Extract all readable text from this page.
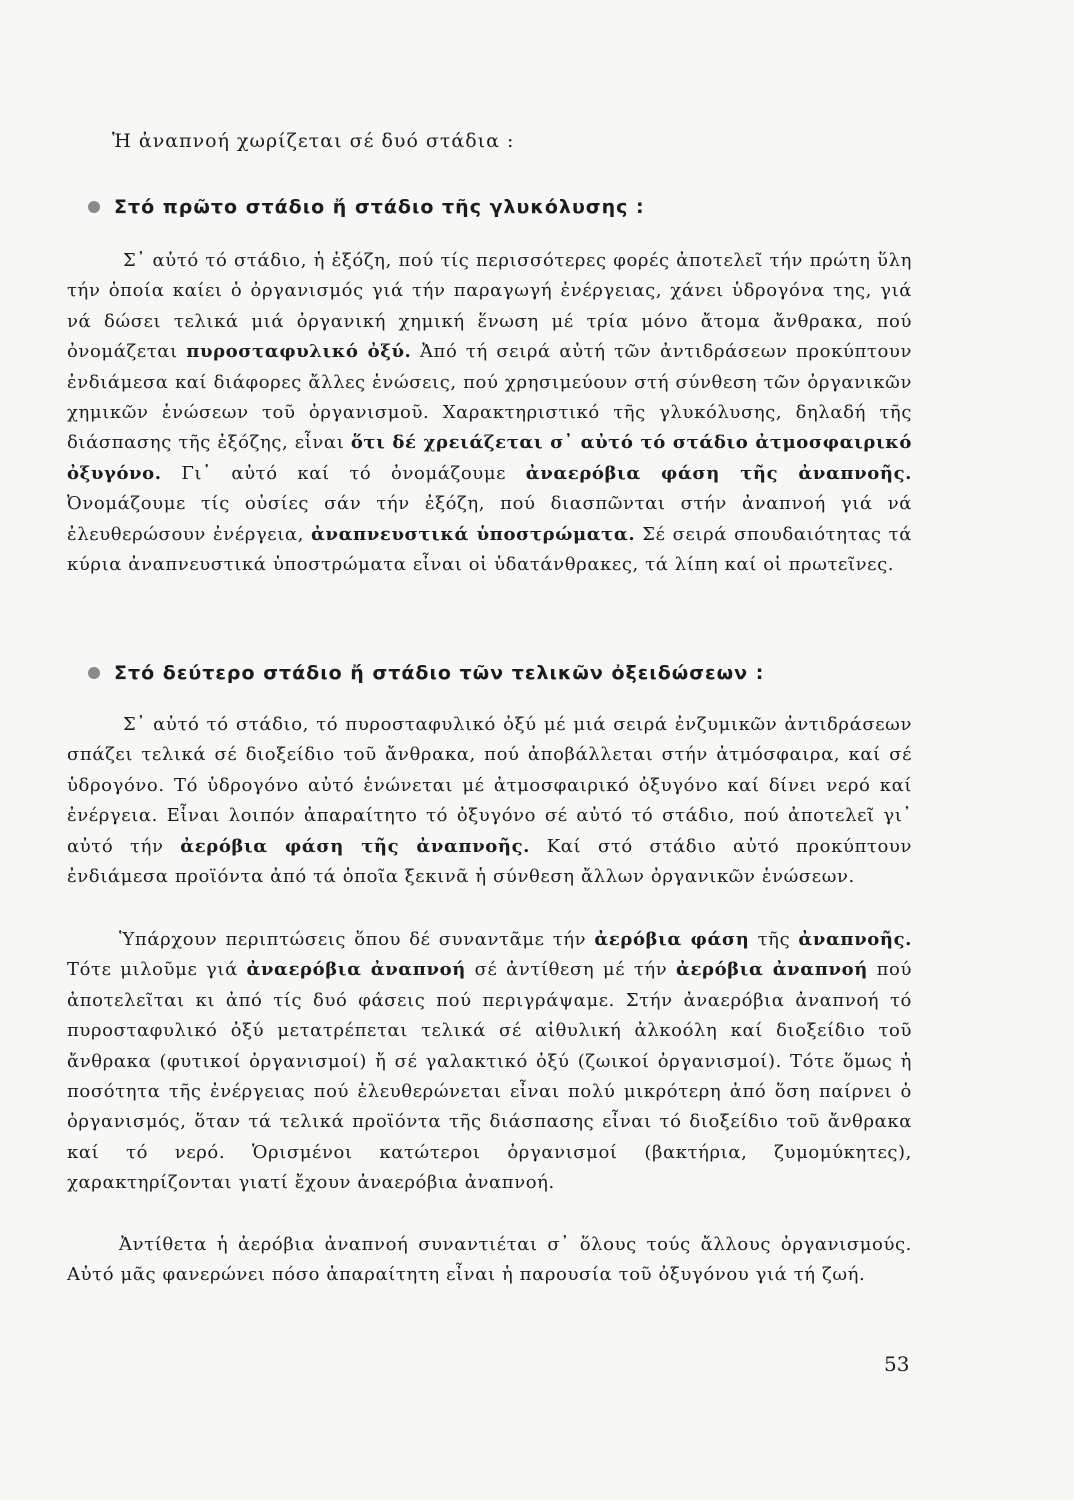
Ἡ ἀναπνοή χωρίζεται σέ δυό στάδια :

Στό πρῶτο στάδιο ἤ στάδιο τῆς γλυκόλυσης :

Σ᾿ αὐτό τό στάδιο, ἡ ἐξόζη, πού τίς περισσότερες φορές ἀποτελεῖ τήν πρώτη ὕλη τήν ὁποία καίει ὁ ὀργανισμός γιά τήν παραγωγή ἐνέργειας, χάνει ὑδρογόνα της, γιά νά δώσει τελικά μιά ὀργανική χημική ἕνωση μέ τρία μόνο ἄτομα ἄνθρακα, πού ὀνομάζεται πυροσταφυλικό ὀξύ. Ἀπό τή σειρά αὐτή τῶν ἀντιδράσεων προκύπτουν ἐνδιάμεσα καί διάφορες ἄλλες ἑνώσεις, πού χρησιμεύουν στή σύνθεση τῶν ὀργανικῶν χημικῶν ἑνώσεων τοῦ ὀργανισμοῦ. Χαρακτηριστικό τῆς γλυκόλυσης, δηλαδή τῆς διάσπασης τῆς ἐξόζης, εἶναι ὅτι δέ χρειάζεται σ᾿ αὐτό τό στάδιο ἀτμοσφαιρικό ὀξυγόνο. Γι᾿ αὐτό καί τό ὀνομάζουμε ἀναερόβια φάση τῆς ἀναπνοῆς. Ὀνομάζουμε τίς οὐσίες σάν τήν ἐξόζη, πού διασπῶνται στήν ἀναπνοή γιά νά ἐλευθερώσουν ἐνέργεια, ἀναπνευστικά ὑποστρώματα. Σέ σειρά σπουδαιότητας τά κύρια ἀναπνευστικά ὑποστρώματα εἶναι οἱ ὑδατάνθρακες, τά λίπη καί οἱ πρωτεῖνες.

Στό δεύτερο στάδιο ἤ στάδιο τῶν τελικῶν ὀξειδώσεων :

Σ᾿ αὐτό τό στάδιο, τό πυροσταφυλικό ὀξύ μέ μιά σειρά ἐνζυμικῶν ἀντιδράσεων σπάζει τελικά σέ διοξείδιο τοῦ ἄνθρακα, πού ἀποβάλλεται στήν ἀτμόσφαιρα, καί σέ ὑδρογόνο. Τό ὑδρογόνο αὐτό ἑνώνεται μέ ἀτμοσφαιρικό ὀξυγόνο καί δίνει νερό καί ἐνέργεια. Εἶναι λοιπόν ἀπαραίτητο τό ὀξυγόνο σέ αὐτό τό στάδιο, πού ἀποτελεῖ γι᾿ αὐτό τήν ἀερόβια φάση τῆς ἀναπνοῆς. Καί στό στάδιο αὐτό προκύπτουν ἐνδιάμεσα προϊόντα ἀπό τά ὁποῖα ξεκινᾶ ἡ σύνθεση ἄλλων ὀργανικῶν ἑνώσεων.

Ὑπάρχουν περιπτώσεις ὅπου δέ συναντᾶμε τήν ἀερόβια φάση τῆς ἀναπνοῆς. Τότε μιλοῦμε γιά ἀναερόβια ἀναπνοή σέ ἀντίθεση μέ τήν ἀερόβια ἀναπνοή πού ἀποτελεῖται κι ἀπό τίς δυό φάσεις πού περιγράψαμε. Στήν ἀναερόβια ἀναπνοή τό πυροσταφυλικό ὀξύ μετατρέπεται τελικά σέ αἰθυλική ἀλκοόλη καί διοξείδιο τοῦ ἄνθρακα (φυτικοί ὀργανισμοί) ἤ σέ γαλακτικό ὀξύ (ζωικοί ὀργανισμοί). Τότε ὅμως ἡ ποσότητα τῆς ἐνέργειας πού ἐλευθερώνεται εἶναι πολύ μικρότερη ἀπό ὅση παίρνει ὁ ὀργανισμός, ὅταν τά τελικά προϊόντα τῆς διάσπασης εἶναι τό διοξείδιο τοῦ ἄνθρακα καί τό νερό. Ὁρισμένοι κατώτεροι ὀργανισμοί (βακτήρια, ζυμομύκητες), χαρακτηρίζονται γιατί ἔχουν ἀναερόβια ἀναπνοή.

Ἀντίθετα ἡ ἀερόβια ἀναπνοή συναντιέται σ᾿ ὅλους τούς ἄλλους ὀργανισμούς. Αὐτό μᾶς φανερώνει πόσο ἀπαραίτητη εἶναι ἡ παρουσία τοῦ ὀξυγόνου γιά τή ζωή.

53
